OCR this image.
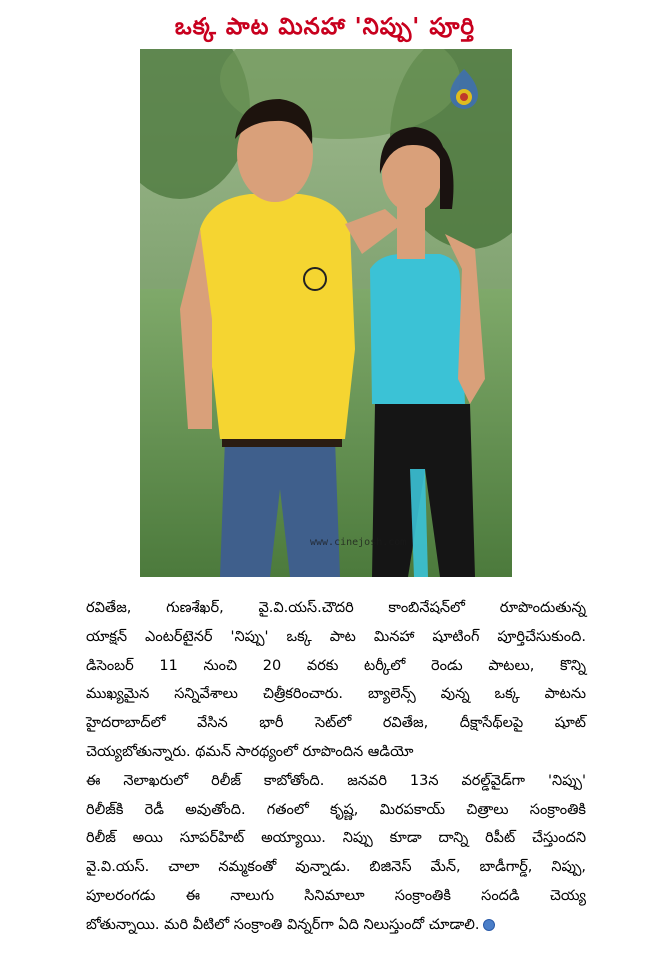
ఒక్క పాట మినహా 'నిప్పు' పూర్తి
www.cinejosh.com
రవితేజ, గుణశేఖర్, వై.వి.యస్.చౌదరి కాంబినేషన్‌లో రూపొందుతున్న
యాక్షన్ ఎంటర్‌టైనర్ 'నిప్పు' ఒక్క పాట మినహా షూటింగ్ పూర్తిచేసుకుంది.
డిసెంబర్ 11 నుంచి 20 వరకు టర్కీలో రెండు పాటలు, కొన్ని
ముఖ్యమైన సన్నివేశాలు చిత్రీకరించారు. బ్యాలెన్స్ వున్న ఒక్క పాటను
హైదరాబాద్‌లో వేసిన భారీ సెట్‌లో రవితేజ, దీక్షాసేథ్‌లపై షూట్
చెయ్యబోతున్నారు. థమన్ సారథ్యంలో రూపొందిన ఆడియో
ఈ నెలాఖరులో రిలీజ్ కాబోతోంది. జనవరి 13న వరల్డ్‌వైడ్‌గా 'నిప్పు'
రిలీజ్‌కి రెడీ అవుతోంది. గతంలో కృష్ణ, మిరపకాయ్ చిత్రాలు సంక్రాంతికి
రిలీజ్ అయి సూపర్‌హిట్ అయ్యాయి. నిప్పు కూడా దాన్ని రిపీట్ చేస్తుందని
వై.వి.యస్. చాలా నమ్మకంతో వున్నాడు. బిజినెస్ మేన్, బాడీగార్డ్, నిప్పు,
పూలరంగడు ఈ నాలుగు సినిమాలూ సంక్రాంతికి సందడి చెయ్య
బోతున్నాయి. మరి వీటిలో సంక్రాంతి విన్నర్‌గా ఏది నిలుస్తుందో చూడాలి.
